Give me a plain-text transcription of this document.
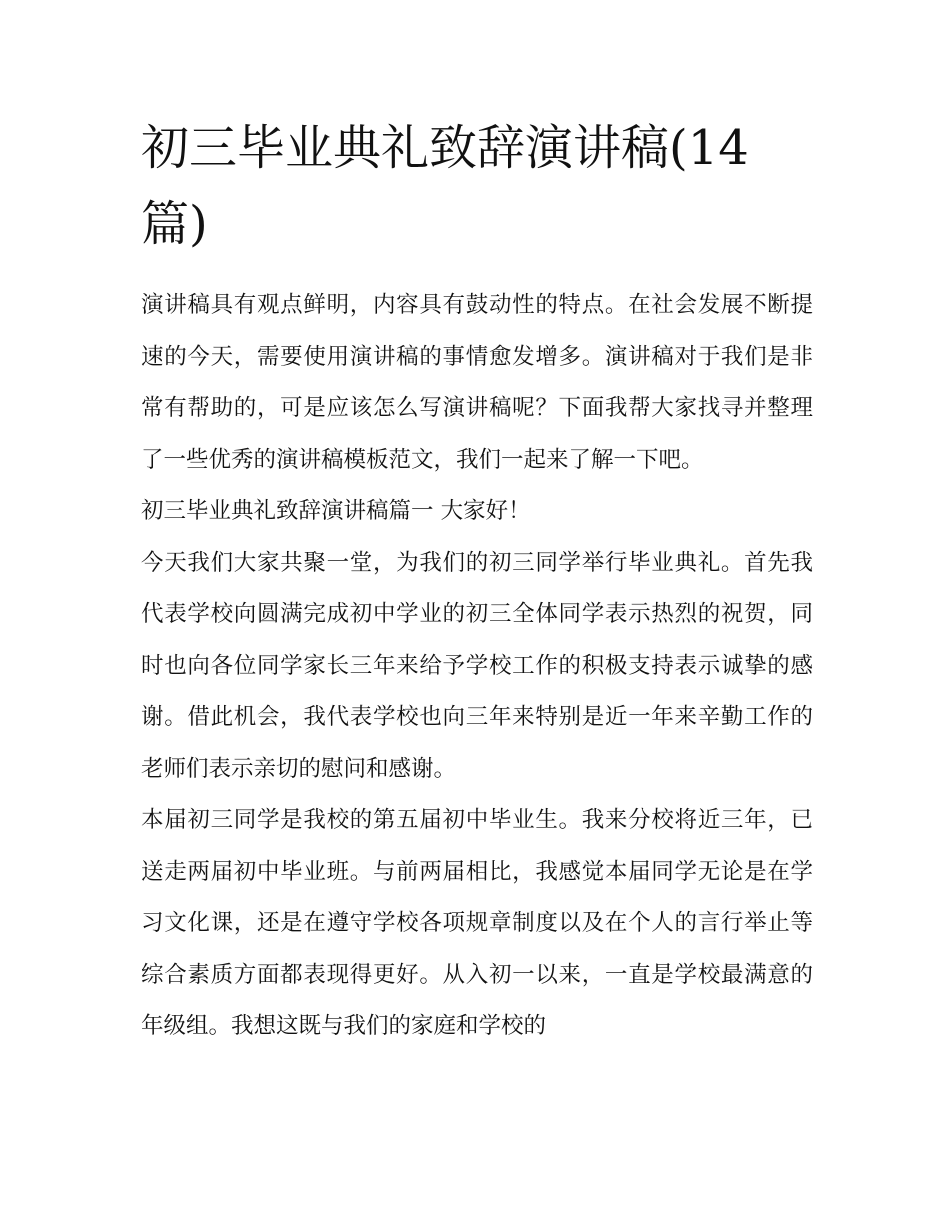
初三毕业典礼致辞演讲稿(14篇)

演讲稿具有观点鲜明，内容具有鼓动性的特点。在社会发展不断提速的今天，需要使用演讲稿的事情愈发增多。演讲稿对于我们是非常有帮助的，可是应该怎么写演讲稿呢？下面我帮大家找寻并整理了一些优秀的演讲稿模板范文，我们一起来了解一下吧。

初三毕业典礼致辞演讲稿篇一 大家好！

今天我们大家共聚一堂，为我们的初三同学举行毕业典礼。首先我代表学校向圆满完成初中学业的初三全体同学表示热烈的祝贺，同时也向各位同学家长三年来给予学校工作的积极支持表示诚挚的感谢。借此机会，我代表学校也向三年来特别是近一年来辛勤工作的老师们表示亲切的慰问和感谢。

本届初三同学是我校的第五届初中毕业生。我来分校将近三年，已送走两届初中毕业班。与前两届相比，我感觉本届同学无论是在学习文化课，还是在遵守学校各项规章制度以及在个人的言行举止等综合素质方面都表现得更好。从入初一以来，一直是学校最满意的年级组。我想这既与我们的家庭和学校的
